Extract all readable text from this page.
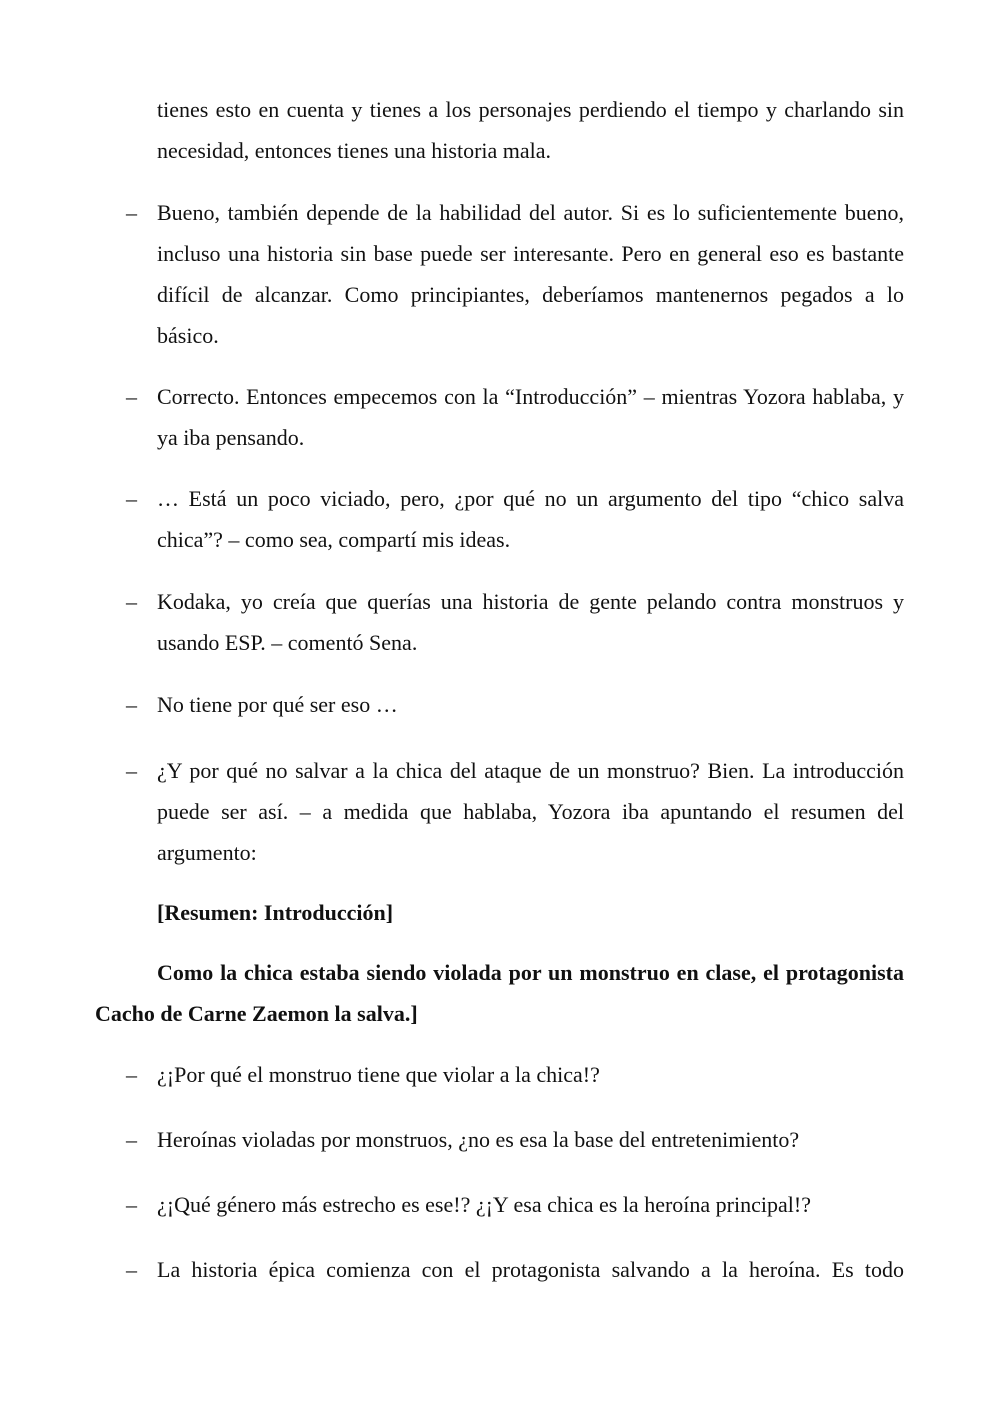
tienes esto en cuenta y tienes a los personajes perdiendo el tiempo y charlando sin necesidad, entonces tienes una historia mala.

– Bueno, también depende de la habilidad del autor. Si es lo suficientemente bueno, incluso una historia sin base puede ser interesante. Pero en general eso es bastante difícil de alcanzar. Como principiantes, deberíamos mantenernos pegados a lo básico.
– Correcto. Entonces empecemos con la “Introducción” – mientras Yozora hablaba, y ya iba pensando.
– … Está un poco viciado, pero, ¿por qué no un argumento del tipo “chico salva chica”? – como sea, compartí mis ideas.
– Kodaka, yo creía que querías una historia de gente pelando contra monstruos y usando ESP. – comentó Sena.
– No tiene por qué ser eso …
– ¿Y por qué no salvar a la chica del ataque de un monstruo? Bien. La introducción puede ser así. – a medida que hablaba, Yozora iba apuntando el resumen del argumento:

[Resumen: Introducción]

Como la chica estaba siendo violada por un monstruo en clase, el protagonista Cacho de Carne Zaemon la salva.]

– ¿¡Por qué el monstruo tiene que violar a la chica!?
– Heroínas violadas por monstruos, ¿no es esa la base del entretenimiento?
– ¿¡Qué género más estrecho es ese!? ¿¡Y esa chica es la heroína principal!?
– La historia épica comienza con el protagonista salvando a la heroína. Es todo
